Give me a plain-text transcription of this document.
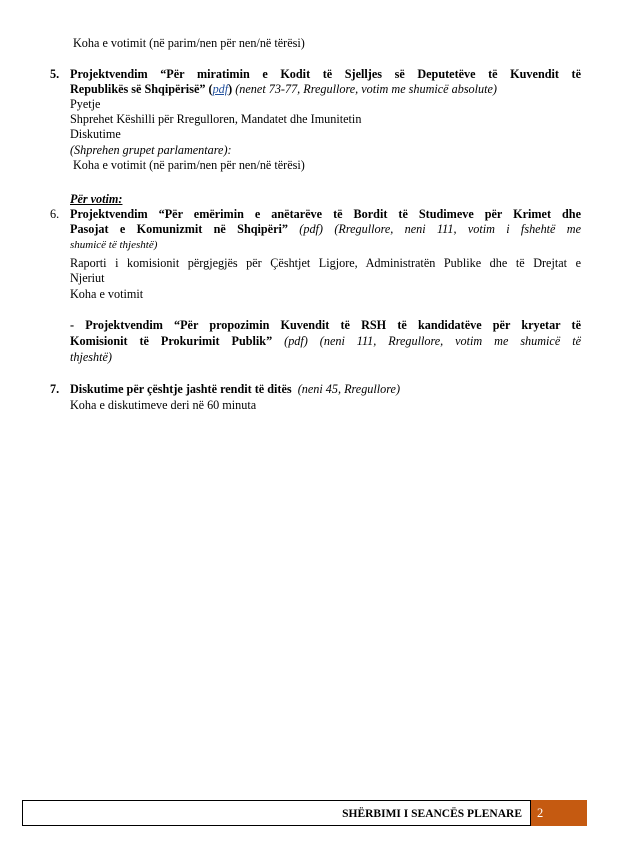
Koha e votimit (në parim/nen për nen/në tërësi)
5. Projektvendim “Për miratimin e Kodit të Sjelljes së Deputetëve të Kuvendit të
Republikës së Shqipërisë” (pdf) (nenet 73-77, Rregullore, votim me shumicë absolute)
Pyetje
Shprehet Këshilli për Rregulloren, Mandatet dhe Imunitetin
Diskutime
(Shprehen grupet parlamentare):
Koha e votimit (në parim/nen për nen/në tërësi)
Për votim:
6. Projektvendim “Për emërimin e anëtarëve të Bordit të Studimeve për Krimet dhe
Pasojat e Komunizmit në Shqipëri” (pdf) (Rregullore, neni 111, votim i fshehtë me
shumicë të thjeshtë)
Raporti i komisionit përgjegjës për Çështjet Ligjore, Administratën Publike dhe të Drejtat e
Njeriut
Koha e votimit
- Projektvendim “Për propozimin Kuvendit të RSH të kandidatëve për kryetar të
Komisionit të Prokurimit Publik” (pdf) (neni 111, Rregullore, votim me shumicë të
thjeshtë)
7. Diskutime për çështje jashtë rendit të ditës (neni 45, Rregullore)
Koha e diskutimeve deri në 60 minuta
SHËRBIMI I SEANCËS PLENARE	2
